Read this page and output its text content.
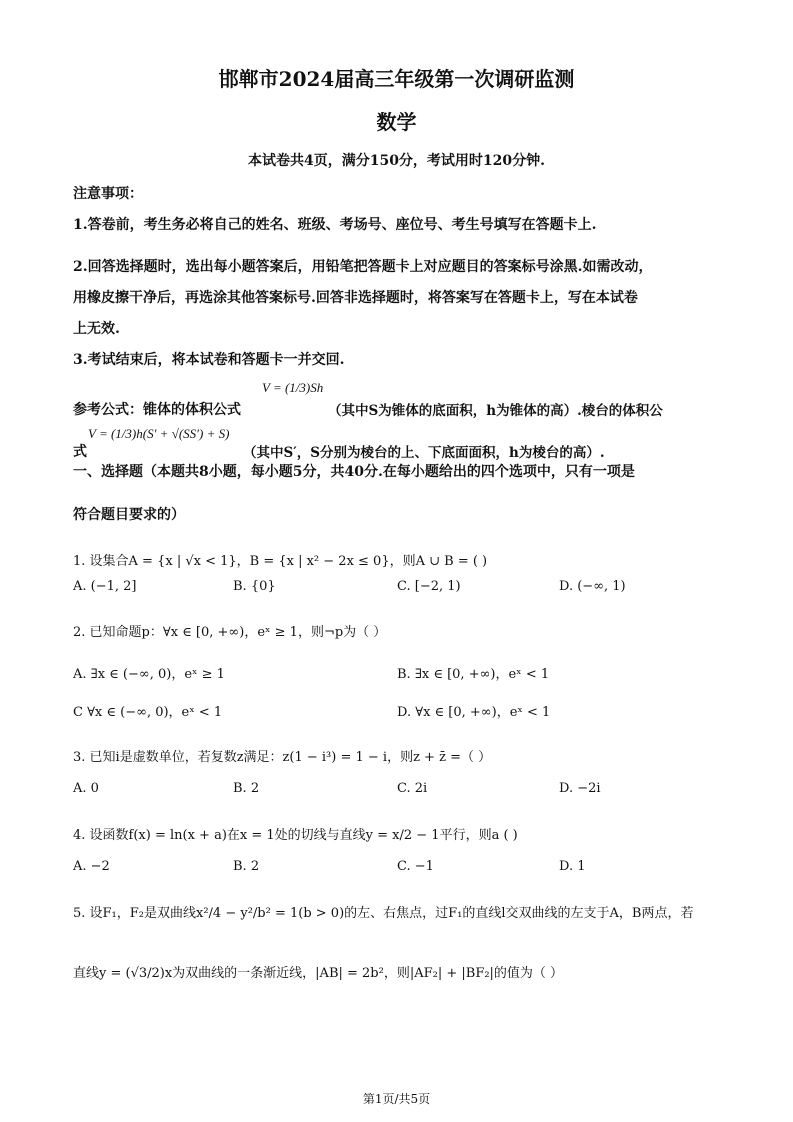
邯郸市2024届高三年级第一次调研监测
数学
本试卷共4页，满分150分，考试用时120分钟.
注意事项：
1.答卷前，考生务必将自己的姓名、班级、考场号、座位号、考生号填写在答题卡上.
2.回答选择题时，选出每小题答案后，用铅笔把答题卡上对应题目的答案标号涂黑.如需改动，
用橡皮擦干净后，再选涂其他答案标号.回答非选择题时，将答案写在答题卡上，写在本试卷
上无效.
3.考试结束后，将本试卷和答题卡一并交回.
参考公式：锥体的体积公式
V = (1/3)Sh
（其中S为锥体的底面积，h为锥体的高）.棱台的体积公
式
V = (1/3)h(S′ + √(SS′) + S)
（其中S′，S分别为棱台的上、下底面面积，h为棱台的高）.
一、选择题（本题共8小题，每小题5分，共40分.在每小题给出的四个选项中，只有一项是
符合题目要求的）
1. 设集合A = {x | √x < 1}，B = {x | x² − 2x ≤ 0}，则A ∪ B = ( )
A. (−1, 2]	B. {0}	C. [−2, 1)	D. (−∞, 1)
2. 已知命题p：∀x ∈ [0, +∞)，eˣ ≥ 1，则¬p为（ ）
A. ∃x ∈ (−∞, 0)，eˣ ≥ 1	B. ∃x ∈ [0, +∞)，eˣ < 1
C ∀x ∈ (−∞, 0)，eˣ < 1	D. ∀x ∈ [0, +∞)，eˣ < 1
3. 已知i是虚数单位，若复数z满足：z(1 − i³) = 1 − i，则z + z̄ =（ ）
A. 0	B. 2	C. 2i	D. −2i
4. 设函数f(x) = ln(x + a)在x = 1处的切线与直线y = x/2 − 1平行，则a ( )
A. −2	B. 2	C. −1	D. 1
5. 设F₁，F₂是双曲线x²/4 − y²/b² = 1(b > 0)的左、右焦点，过F₁的直线l交双曲线的左支于A，B两点，若
直线y = (√3/2)x为双曲线的一条渐近线，|AB| = 2b²，则|AF₂| + |BF₂|的值为（ ）
第1页/共5页
